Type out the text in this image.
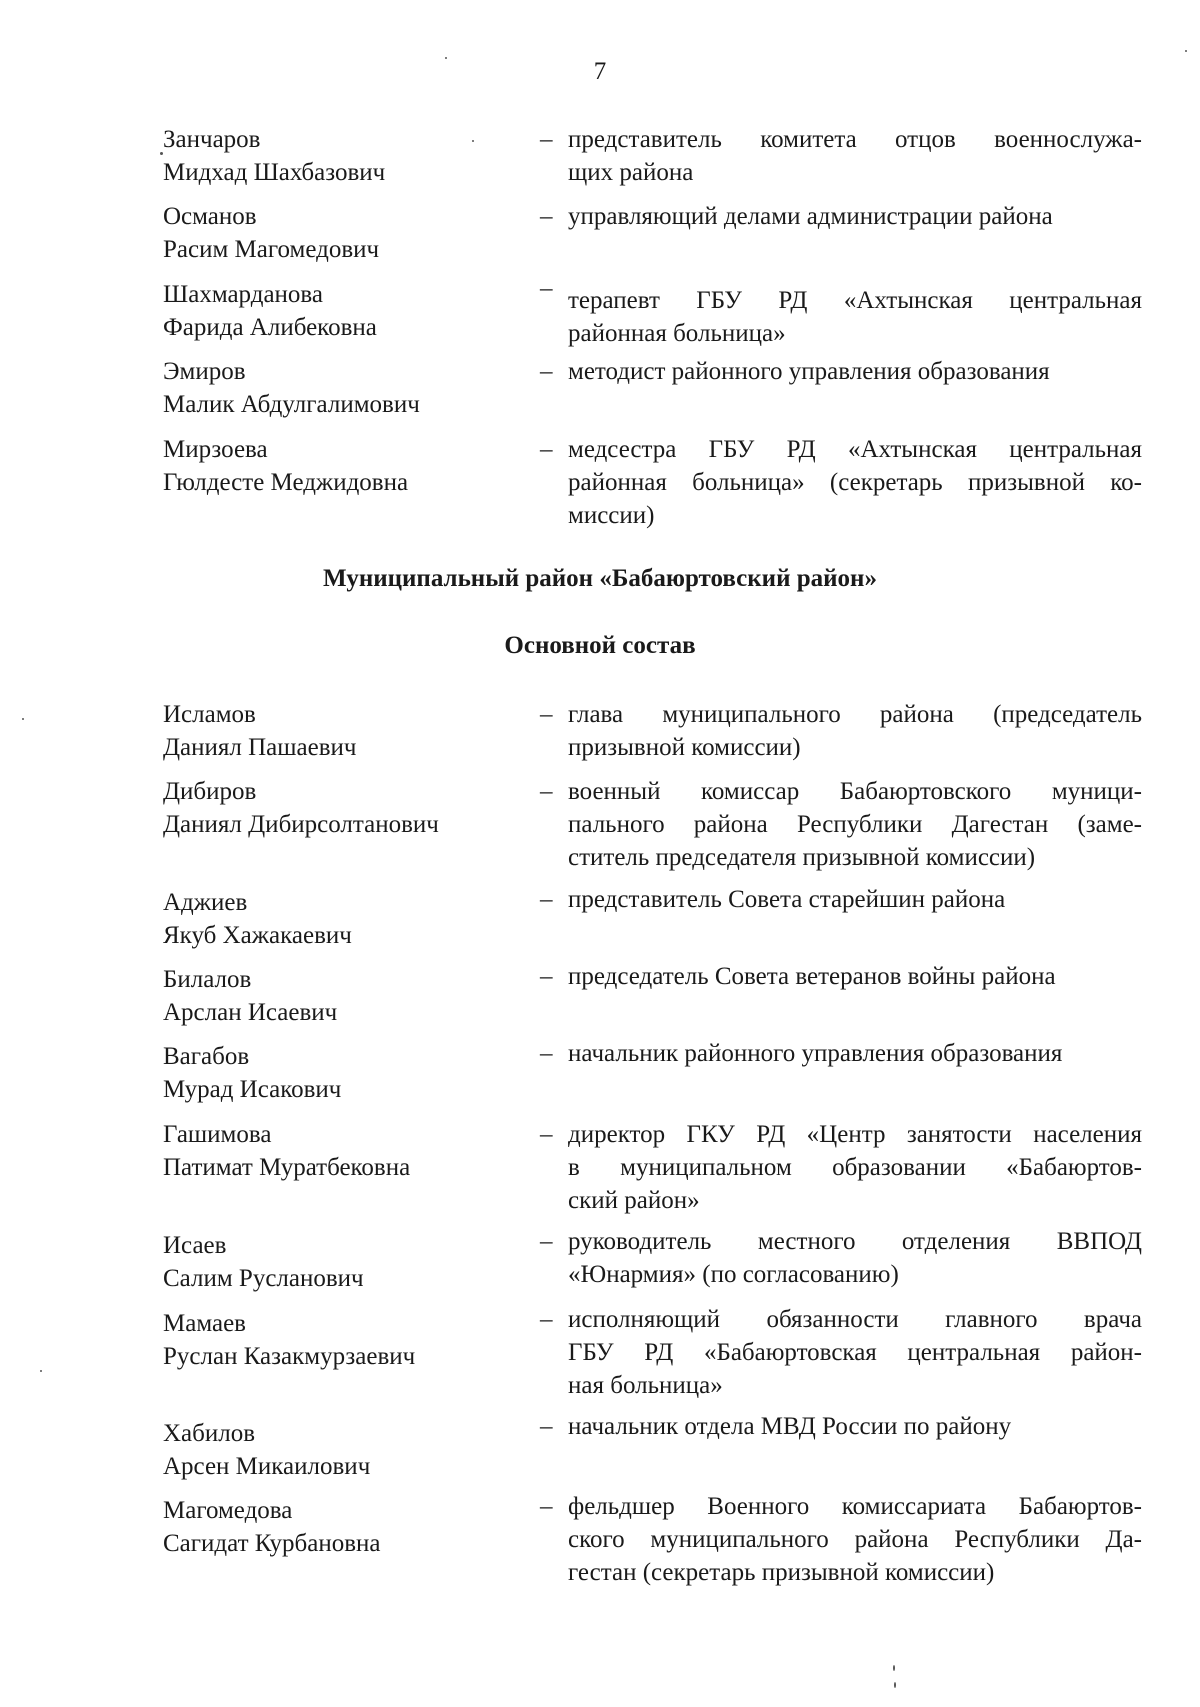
7
Занчаров
Мидхад Шахбазович
– представитель комитета отцов военнослужа-
щих района
Османов
Расим Магомедович
– управляющий делами администрации района
Шахмарданова
Фарида Алибековна
– терапевт ГБУ РД «Ахтынская центральная
районная больница»
Эмиров
Малик Абдулгалимович
– методист районного управления образования
Мирзоева
Гюлдесте Меджидовна
– медсестра ГБУ РД «Ахтынская центральная
районная больница» (секретарь призывной ко-
миссии)
Муниципальный район «Бабаюртовский район»
Основной состав
Исламов
Даниял Пашаевич
– глава муниципального района (председатель
призывной комиссии)
Дибиров
Даниял Дибирсолтанович
– военный комиссар Бабаюртовского муници-
пального района Республики Дагестан (заме-
ститель председателя призывной комиссии)
Аджиев
Якуб Хажакаевич
– представитель Совета старейшин района
Билалов
Арслан Исаевич
– председатель Совета ветеранов войны района
Вагабов
Мурад Исакович
– начальник районного управления образования
Гашимова
Патимат Муратбековна
– директор ГКУ РД «Центр занятости населения
в муниципальном образовании «Бабаюртов-
ский район»
Исаев
Салим Русланович
– руководитель местного отделения ВВПОД
«Юнармия» (по согласованию)
Мамаев
Руслан Казакмурзаевич
– исполняющий обязанности главного врача
ГБУ РД «Бабаюртовская центральная район-
ная больница»
Хабилов
Арсен Микаилович
– начальник отдела МВД России по району
Магомедова
Сагидат Курбановна
– фельдшер Военного комиссариата Бабаюртов-
ского муниципального района Республики Да-
гестан (секретарь призывной комиссии)
